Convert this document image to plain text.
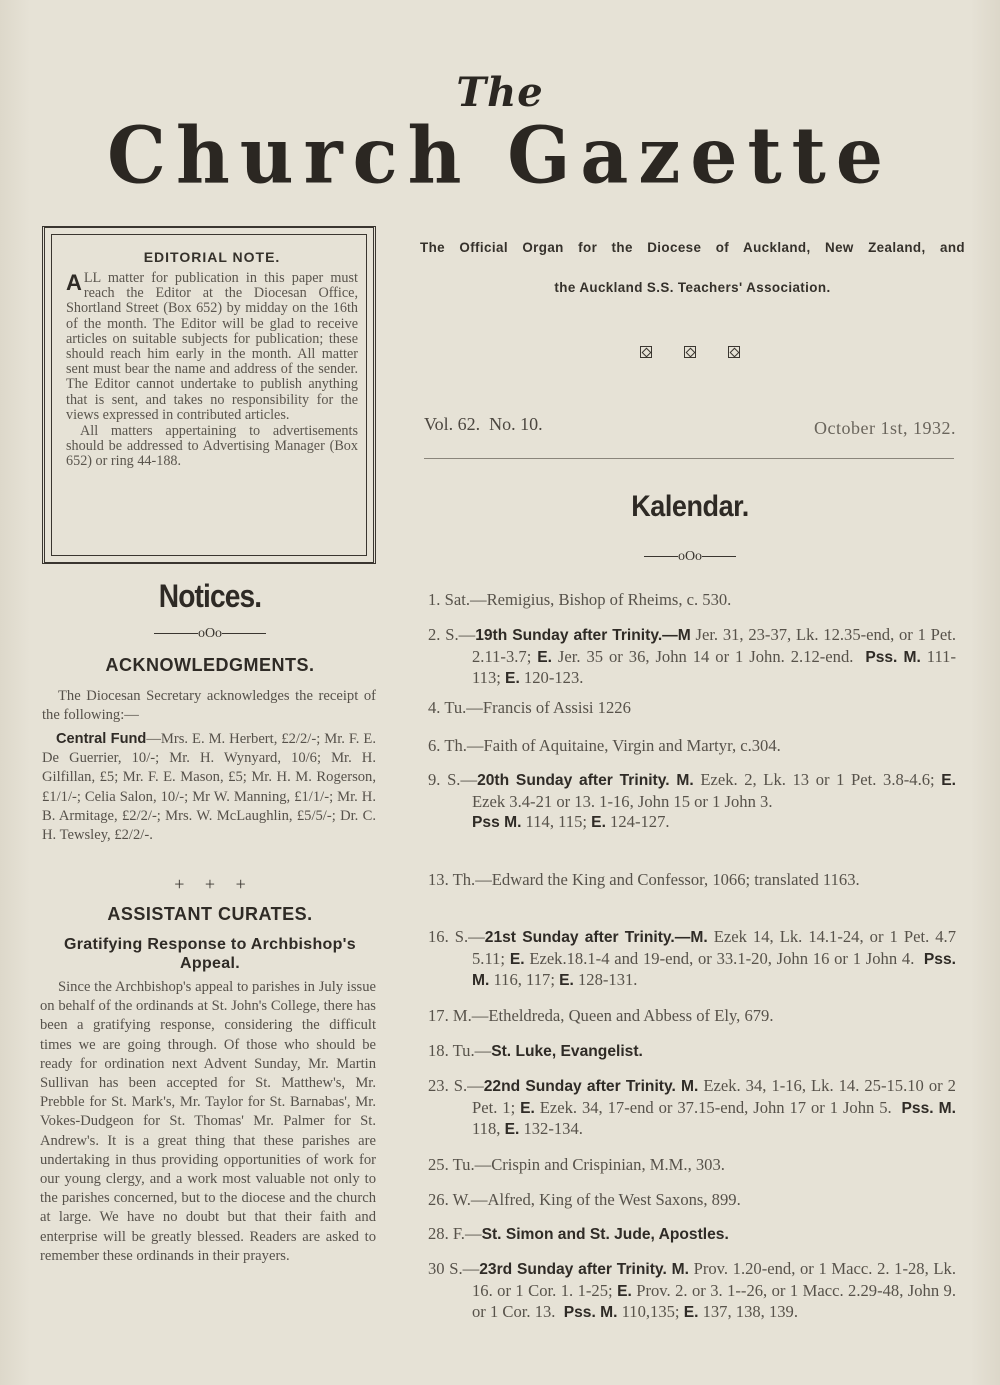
The
Church Gazette
EDITORIAL NOTE.

ALL matter for publication in this paper must reach the Editor at the Diocesan Office, Shortland Street (Box 652) by midday on the 16th of the month. The Editor will be glad to receive articles on suitable subjects for publication; these should reach him early in the month. All matter sent must bear the name and address of the sender. The Editor cannot undertake to publish anything that is sent, and takes no responsibility for the views expressed in contributed articles.

All matters appertaining to advertisements should be addressed to Advertising Manager (Box 652) or ring 44-188.

Notices.
oOo
ACKNOWLEDGMENTS.
The Diocesan Secretary acknowledges the receipt of the following:—
Central Fund—Mrs. E. M. Herbert, £2/2/-; Mr. F. E. De Guerrier, 10/-; Mr. H. Wynyard, 10/6; Mr. H. Gilfillan, £5; Mr. F. E. Mason, £5; Mr. H. M. Rogerson, £1/1/-; Celia Salon, 10/-; Mr W. Manning, £1/1/-; Mr. H. B. Armitage, £2/2/-; Mrs. W. McLaughlin, £5/5/-; Dr. C. H. Tewsley, £2/2/-.
+ + +
ASSISTANT CURATES.
Gratifying Response to Archbishop's Appeal.
Since the Archbishop's appeal to parishes in July issue on behalf of the ordinands at St. John's College, there has been a gratifying response, considering the difficult times we are going through. Of those who should be ready for ordination next Advent Sunday, Mr. Martin Sullivan has been accepted for St. Matthew's, Mr. Prebble for St. Mark's, Mr. Taylor for St. Barnabas', Mr. Vokes-Dudgeon for St. Thomas' Mr. Palmer for St. Andrew's. It is a great thing that these parishes are undertaking in thus providing opportunities of work for our young clergy, and a work most valuable not only to the parishes concerned, but to the diocese and the church at large. We have no doubt but that their faith and enterprise will be greatly blessed. Readers are asked to remember these ordinands in their prayers.
The Official Organ for the Diocese of Auckland, New Zealand, and
the Auckland S.S. Teachers' Association.
Vol. 62.  No. 10.	October 1st, 1932.
Kalendar.
oOo
1. Sat.—Remigius, Bishop of Rheims, c. 530.
2. S.—19th Sunday after Trinity.—M Jer. 31, 23-37, Lk. 12.35-end, or 1 Pet. 2.11-3.7; E. Jer. 35 or 36, John 14 or 1 John. 2.12-end.  Pss. M. 111-113; E. 120-123.
4. Tu.—Francis of Assisi 1226
6. Th.—Faith of Aquitaine, Virgin and Martyr, c.304.
9. S.—20th Sunday after Trinity. M. Ezek. 2, Lk. 13 or 1 Pet. 3.8-4.6; E. Ezek 3.4-21 or 13. 1-16, John 15 or 1 John 3.
Pss M. 114, 115; E. 124-127.
13. Th.—Edward the King and Confessor, 1066; translated 1163.
16. S.—21st Sunday after Trinity.—M. Ezek 14, Lk. 14.1-24, or 1 Pet. 4.7 5.11; E. Ezek.18.1-4 and 19-end, or 33.1-20, John 16 or 1 John 4.  Pss. M. 116, 117; E. 128-131.
17. M.—Etheldreda, Queen and Abbess of Ely, 679.
18. Tu.—St. Luke, Evangelist.
23. S.—22nd Sunday after Trinity. M. Ezek. 34, 1-16, Lk. 14. 25-15.10 or 2 Pet. 1; E. Ezek. 34, 17-end or 37.15-end, John 17 or 1 John 5.  Pss. M. 118, E. 132-134.
25. Tu.—Crispin and Crispinian, M.M., 303.
26. W.—Alfred, King of the West Saxons, 899.
28. F.—St. Simon and St. Jude, Apostles.
30 S.—23rd Sunday after Trinity. M. Prov. 1.20-end, or 1 Macc. 2. 1-28, Lk. 16. or 1 Cor. 1. 1-25; E. Prov. 2. or 3. 1--26, or 1 Macc. 2.29-48, John 9. or 1 Cor. 13.  Pss. M. 110,135; E. 137, 138, 139.
